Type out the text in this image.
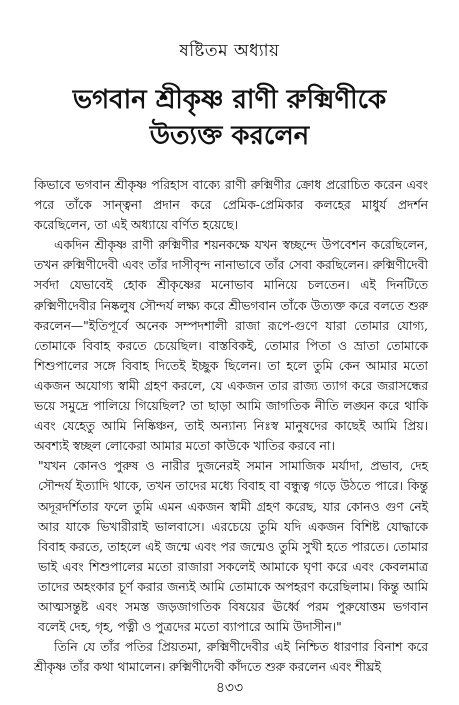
ষষ্টিতম অধ্যায়
ভগবান শ্রীকৃষ্ণ রাণী রুক্মিণীকে
উত্যক্ত করলেন

কিভাবে ভগবান শ্রীকৃষ্ণ পরিহাস বাক্যে রাণী রুক্মিণীর ক্রোধ প্ররোচিত করেন এবং পরে তাঁকে সান্ত্বনা প্রদান করে প্রেমিক-প্রেমিকার কলহের মাধুর্য প্রদর্শন করেছিলেন, তা এই অধ্যায়ে বর্ণিত হয়েছে।

একদিন শ্রীকৃষ্ণ রাণী রুক্মিণীর শয়নকক্ষে যখন স্বচ্ছন্দে উপবেশন করেছিলেন, তখন রুক্মিণীদেবী এবং তাঁর দাসীবৃন্দ নানাভাবে তাঁর সেবা করছিলেন। রুক্মিণীদেবী সর্বদা যেভাবেই হোক শ্রীকৃষ্ণের মনোভাব মানিয়ে চলতেন। এই দিনটিতে রুক্মিণীদেবীর নিষ্কলুষ সৌন্দর্য লক্ষ্য করে শ্রীভগবান তাঁকে উত্যক্ত করে বলতে শুরু করলেন—"ইতিপূর্বে অনেক সম্পদশালী রাজা রূপে-গুণে যারা তোমার যোগ্য, তোমাকে বিবাহ করতে চেয়েছিল। বাস্তবিকই, তোমার পিতা ও ভ্রাতা তোমাকে শিশুপালের সঙ্গে বিবাহ দিতেই ইচ্ছুক ছিলেন। তা হলে তুমি কেন আমার মতো একজন অযোগ্য স্বামী গ্রহণ করলে, যে একজন তার রাজ্য ত্যাগ করে জরাসন্ধের ভয়ে সমুদ্রে পালিয়ে গিয়েছিল? তা ছাড়া আমি জাগতিক নীতি লঙ্ঘন করে থাকি এবং যেহেতু আমি নিষ্কিঞ্চন, তাই অন্যান্য নিঃস্ব মানুষদের কাছেই আমি প্রিয়। অবশ্যই স্বচ্ছল লোকেরা আমার মতো কাউকে খাতির করবে না।

"যখন কোনও পুরুষ ও নারীর দুজনেরই সমান সামাজিক মর্যাদা, প্রভাব, দেহ সৌন্দর্য ইত্যাদি থাকে, তখন তাদের মধ্যে বিবাহ বা বন্ধুত্ব গড়ে উঠতে পারে। কিন্তু অদূরদর্শিতার ফলে তুমি এমন একজন স্বামী গ্রহণ করেছ, যার কোনও গুণ নেই আর যাকে ভিখারীরাই ভালবাসে। এরচেয়ে তুমি যদি একজন বিশিষ্ট যোদ্ধাকে বিবাহ করতে, তাহলে এই জন্মে এবং পর জন্মেও তুমি সুখী হতে পারতে। তোমার ভাই এবং শিশুপালের মতো রাজারা সকলেই আমাকে ঘৃণা করে এবং কেবলমাত্র তাদের অহংকার চূর্ণ করার জন্যই আমি তোমাকে অপহরণ করেছিলাম। কিন্তু আমি আত্মসন্তুষ্ট এবং সমস্ত জড়জাগতিক বিষয়ের ঊর্ধ্বে পরম পুরুষোত্তম ভগবান বলেই দেহ, গৃহ, পত্নী ও পুত্রদের মতো ব্যাপারে আমি উদাসীন।"

তিনি যে তাঁর পতির প্রিয়তমা, রুক্মিণীদেবীর এই নিশ্চিত ধারণার বিনাশ করে শ্রীকৃষ্ণ তাঁর কথা থামালেন। রুক্মিণীদেবী কাঁদতে শুরু করলেন এবং শীঘ্রই

৪৩৩
